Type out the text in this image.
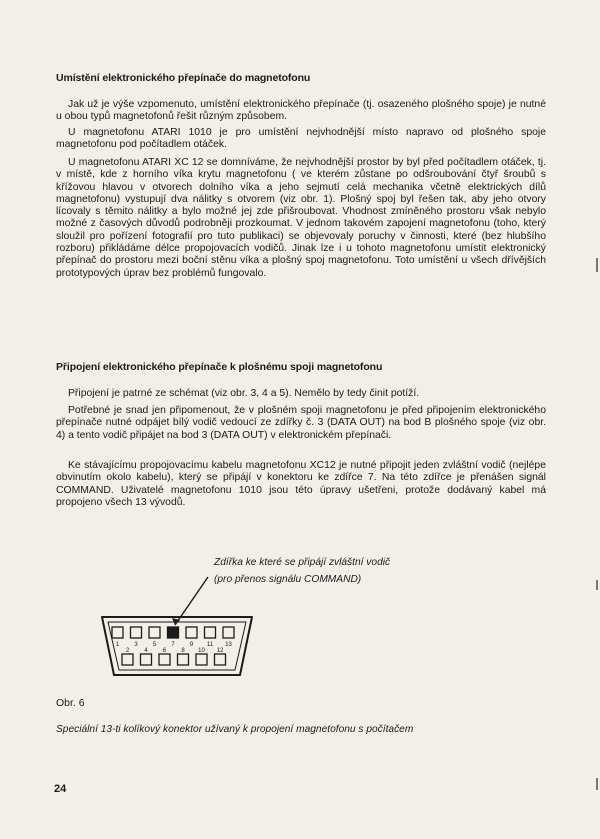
Umístění elektronického přepínače do magnetofonu

Jak už je výše vzpomenuto, umístění elektronického přepínače (tj. osazeného plošného spoje) je nutné u obou typů magnetofonů řešit různým způsobem.

U magnetofonu ATARI 1010 je pro umístění nejvhodnější místo napravo od plošného spoje magnetofonu pod počítadlem otáček.

U magnetofonu ATARI XC 12 se domníváme, že nejvhodnější prostor by byl před počítadlem otáček, tj. v místě, kde z horního víka krytu magnetofonu ( ve kterém zůstane po odšroubování čtyř šroubů s křížovou hlavou v otvorech dolního víka a jeho sejmutí celá mechanika včetně elektrických dílů magnetofonu) vystupují dva nálitky s otvorem (viz obr. 1). Plošný spoj byl řešen tak, aby jeho otvory lícovaly s těmito nálitky a bylo možné jej zde přišroubovat. Vhodnost zmíněného prostoru však nebylo možné z časových důvodů podrobněji prozkoumat. V jednom takovém zapojení magnetofonu (toho, který sloužil pro pořízení fotografií pro tuto publikaci) se objevovaly poruchy v činnosti, které (bez hlubšího rozboru) přikládáme délce propojovacích vodičů. Jinak lze i u tohoto magnetofonu umístit elektronický přepínač do prostoru mezi boční stěnu víka a plošný spoj magnetofonu. Toto umístění u všech dřívějších prototypových úprav bez problémů fungovalo.

Připojení elektronického přepínače k plošnému spoji magnetofonu

Připojení je patrné ze schémat (viz obr. 3, 4 a 5). Nemělo by tedy činit potíží.

Potřebné je snad jen připomenout, že v plošném spoji magnetofonu je před připojením elektronického přepínače nutné odpájet bílý vodič vedoucí ze zdířky č. 3 (DATA OUT) na bod B plošného spoje (viz obr. 4) a tento vodič připájet na bod 3 (DATA OUT) v elektronickém přepínači.

Ke stávajícímu propojovacímu kabelu magnetofonu XC12 je nutné připojit jeden zvláštní vodič (nejlépe obvinutím okolo kabelu), který se připájí v konektoru ke zdířce 7. Na této zdířce je přenášen signál COMMAND. Uživatelé magnetofonu 1010 jsou této úpravy ušetřeni, protože dodávaný kabel má propojeno všech 13 vývodů.

Zdířka ke které se připájí zvláštní vodič
(pro přenos signálu COMMAND)
1	3	5	7	9 11 13
2	4	6	8 10 12
Obr. 6
Speciální 13-ti kolíkový konektor užívaný k propojení magnetofonu s počítačem
24
